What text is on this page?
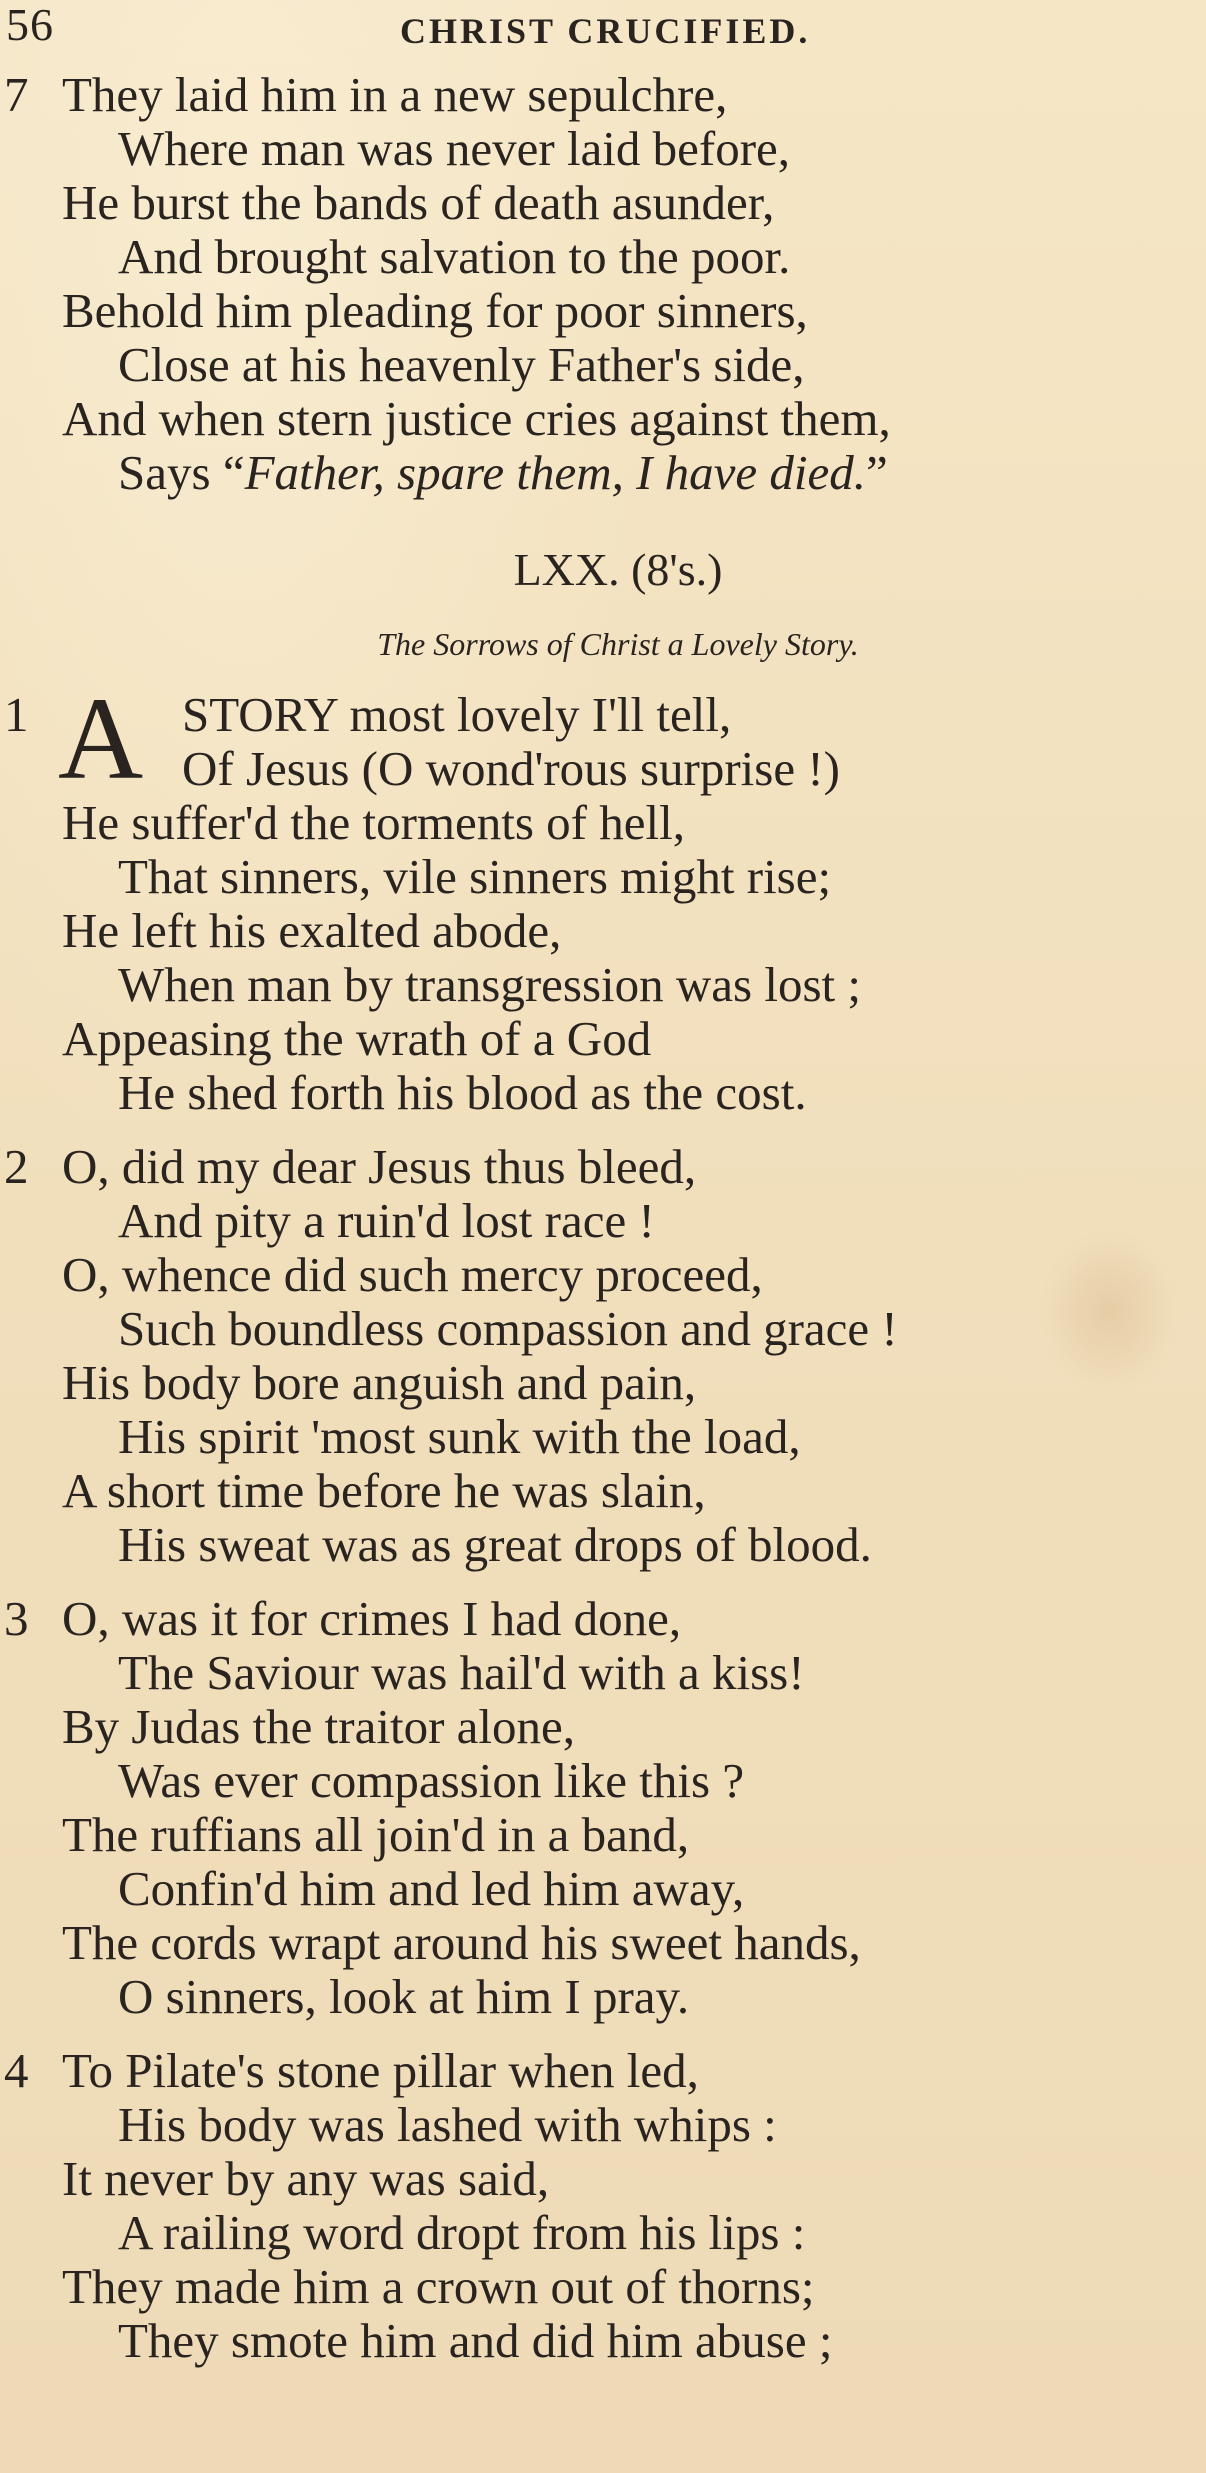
56	CHRIST CRUCIFIED.
7 They laid him in a new sepulchre,
Where man was never laid before,
He burst the bands of death asunder,
And brought salvation to the poor.
Behold him pleading for poor sinners,
Close at his heavenly Father's side,
And when stern justice cries against them,
Says “Father, spare them, I have died.”
LXX. (8's.)
The Sorrows of Christ a Lovely Story.
1	STORY most lovely I'll tell,
A Of Jesus (O wond'rous surprise !)
He suffer'd the torments of hell,
That sinners, vile sinners might rise;
He left his exalted abode,
When man by transgression was lost ;
Appeasing the wrath of a God
He shed forth his blood as the cost.
2 O, did my dear Jesus thus bleed,
And pity a ruin'd lost race !
O, whence did such mercy proceed,
Such boundless compassion and grace !
His body bore anguish and pain,
His spirit 'most sunk with the load,
A short time before he was slain,
His sweat was as great drops of blood.
3 O, was it for crimes I had done,
The Saviour was hail'd with a kiss!
By Judas the traitor alone,
Was ever compassion like this ?
The ruffians all join'd in a band,
Confin'd him and led him away,
The cords wrapt around his sweet hands,
O sinners, look at him I pray.
4 To Pilate's stone pillar when led,
His body was lashed with whips :
It never by any was said,
A railing word dropt from his lips :
They made him a crown out of thorns;
They smote him and did him abuse ;
